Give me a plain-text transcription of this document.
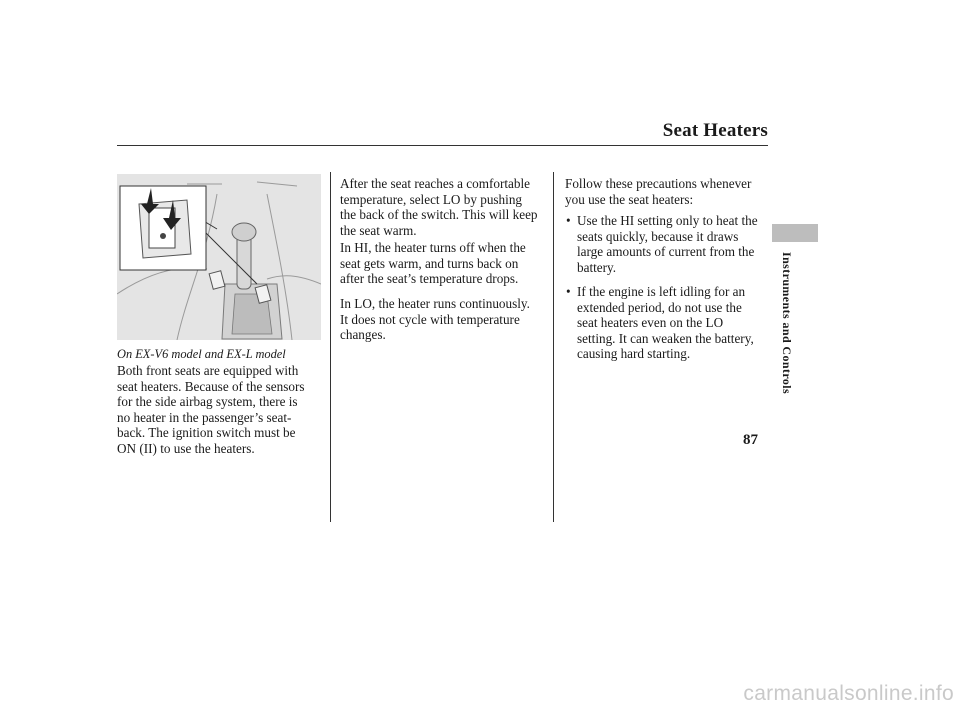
Seat Heaters
On EX-V6 model and EX-L model
Both front seats are equipped with
seat heaters. Because of the sensors
for the side airbag system, there is
no heater in the passenger’s seat-
back. The ignition switch must be
ON (II) to use the heaters.
After the seat reaches a comfortable
temperature, select LO by pushing
the back of the switch. This will keep
the seat warm.
In HI, the heater turns off when the
seat gets warm, and turns back on
after the seat’s temperature drops.
In LO, the heater runs continuously.
It does not cycle with temperature
changes.
Follow these precautions whenever
you use the seat heaters:
• Use the HI setting only to heat the
seats quickly, because it draws
large amounts of current from the
battery.
• If the engine is left idling for an
extended period, do not use the
seat heaters even on the LO
setting. It can weaken the battery,
causing hard starting.	Instruments and Controls
87
carmanualsonline.info
